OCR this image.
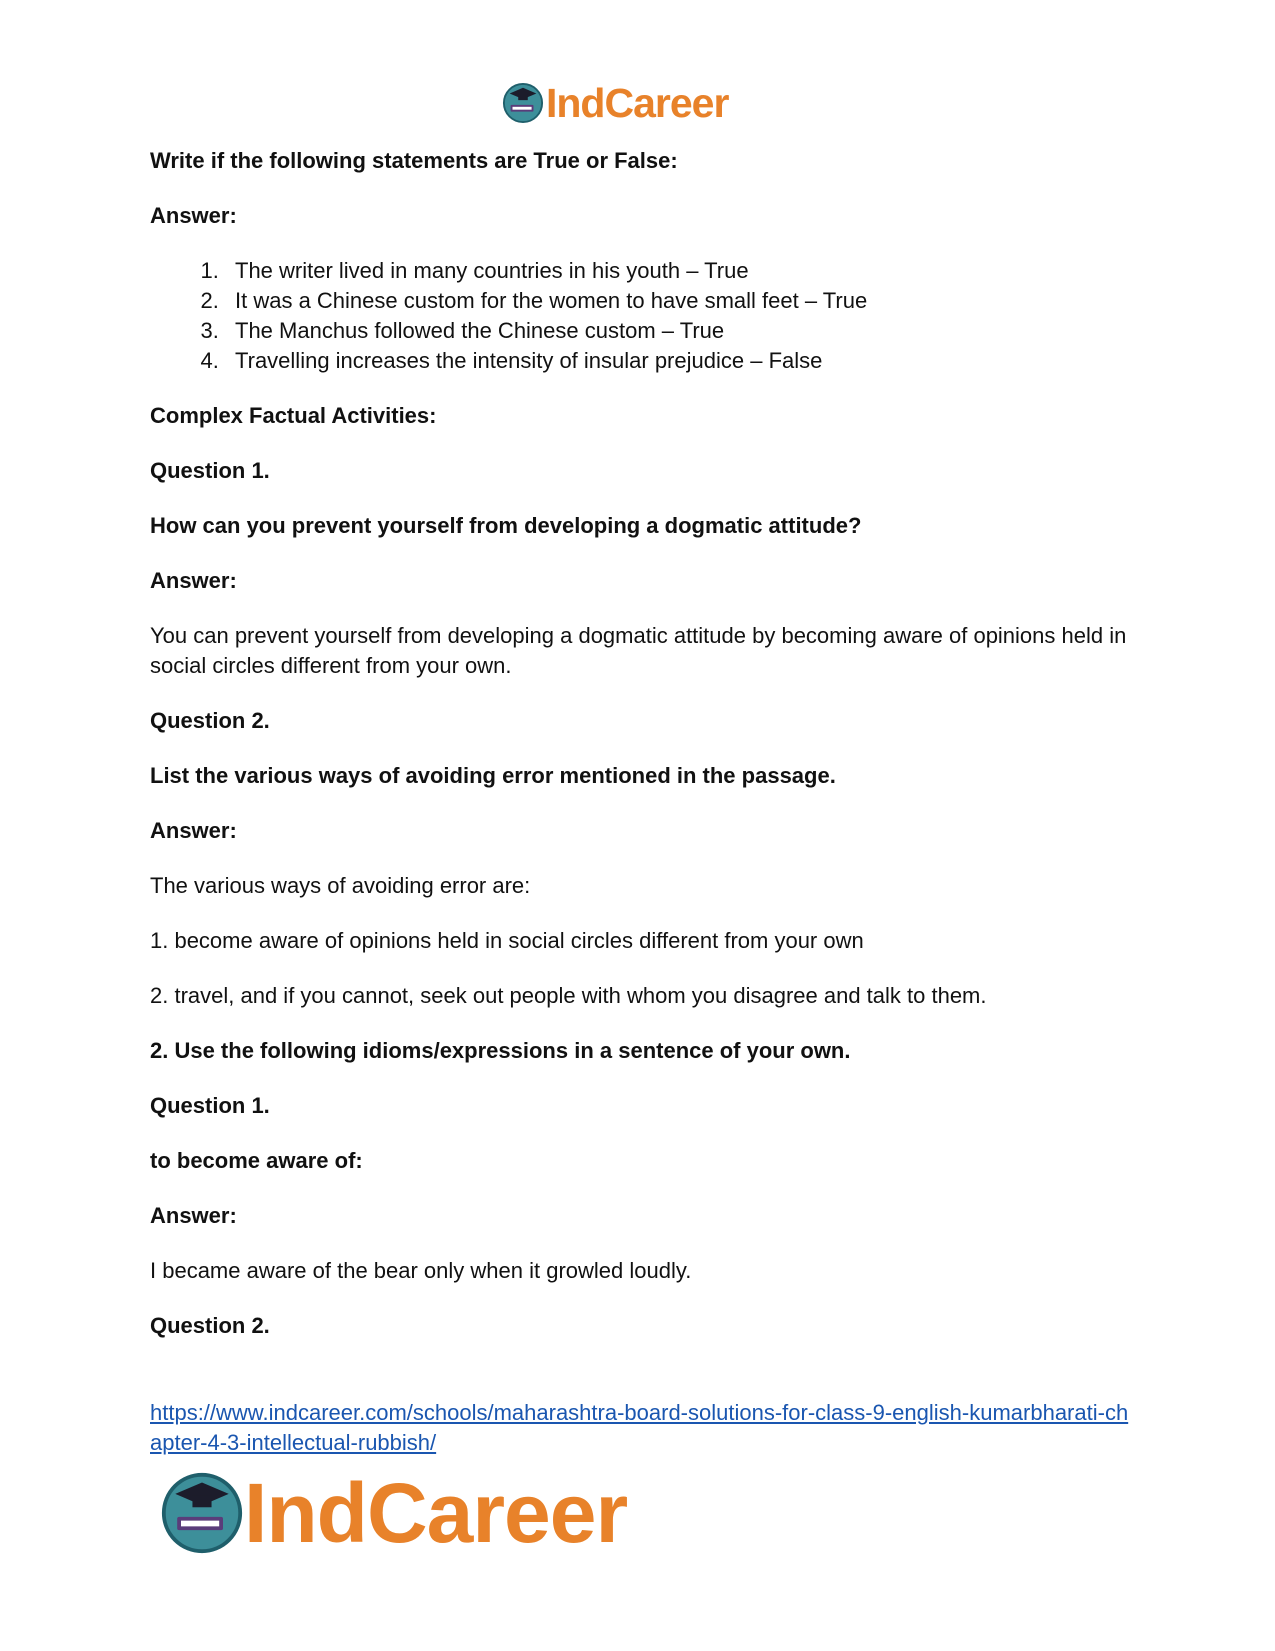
IndCareer

Write if the following statements are True or False:

Answer:

1. The writer lived in many countries in his youth – True
2. It was a Chinese custom for the women to have small feet – True
3. The Manchus followed the Chinese custom – True
4. Travelling increases the intensity of insular prejudice – False

Complex Factual Activities:

Question 1.

How can you prevent yourself from developing a dogmatic attitude?

Answer:

You can prevent yourself from developing a dogmatic attitude by becoming aware of opinions held in social circles different from your own.

Question 2.

List the various ways of avoiding error mentioned in the passage.

Answer:

The various ways of avoiding error are:

1. become aware of opinions held in social circles different from your own

2. travel, and if you cannot, seek out people with whom you disagree and talk to them.

2. Use the following idioms/expressions in a sentence of your own.

Question 1.

to become aware of:

Answer:

I became aware of the bear only when it growled loudly.

Question 2.

https://www.indcareer.com/schools/maharashtra-board-solutions-for-class-9-english-kumarbharati-chapter-4-3-intellectual-rubbish/
IndCareer
